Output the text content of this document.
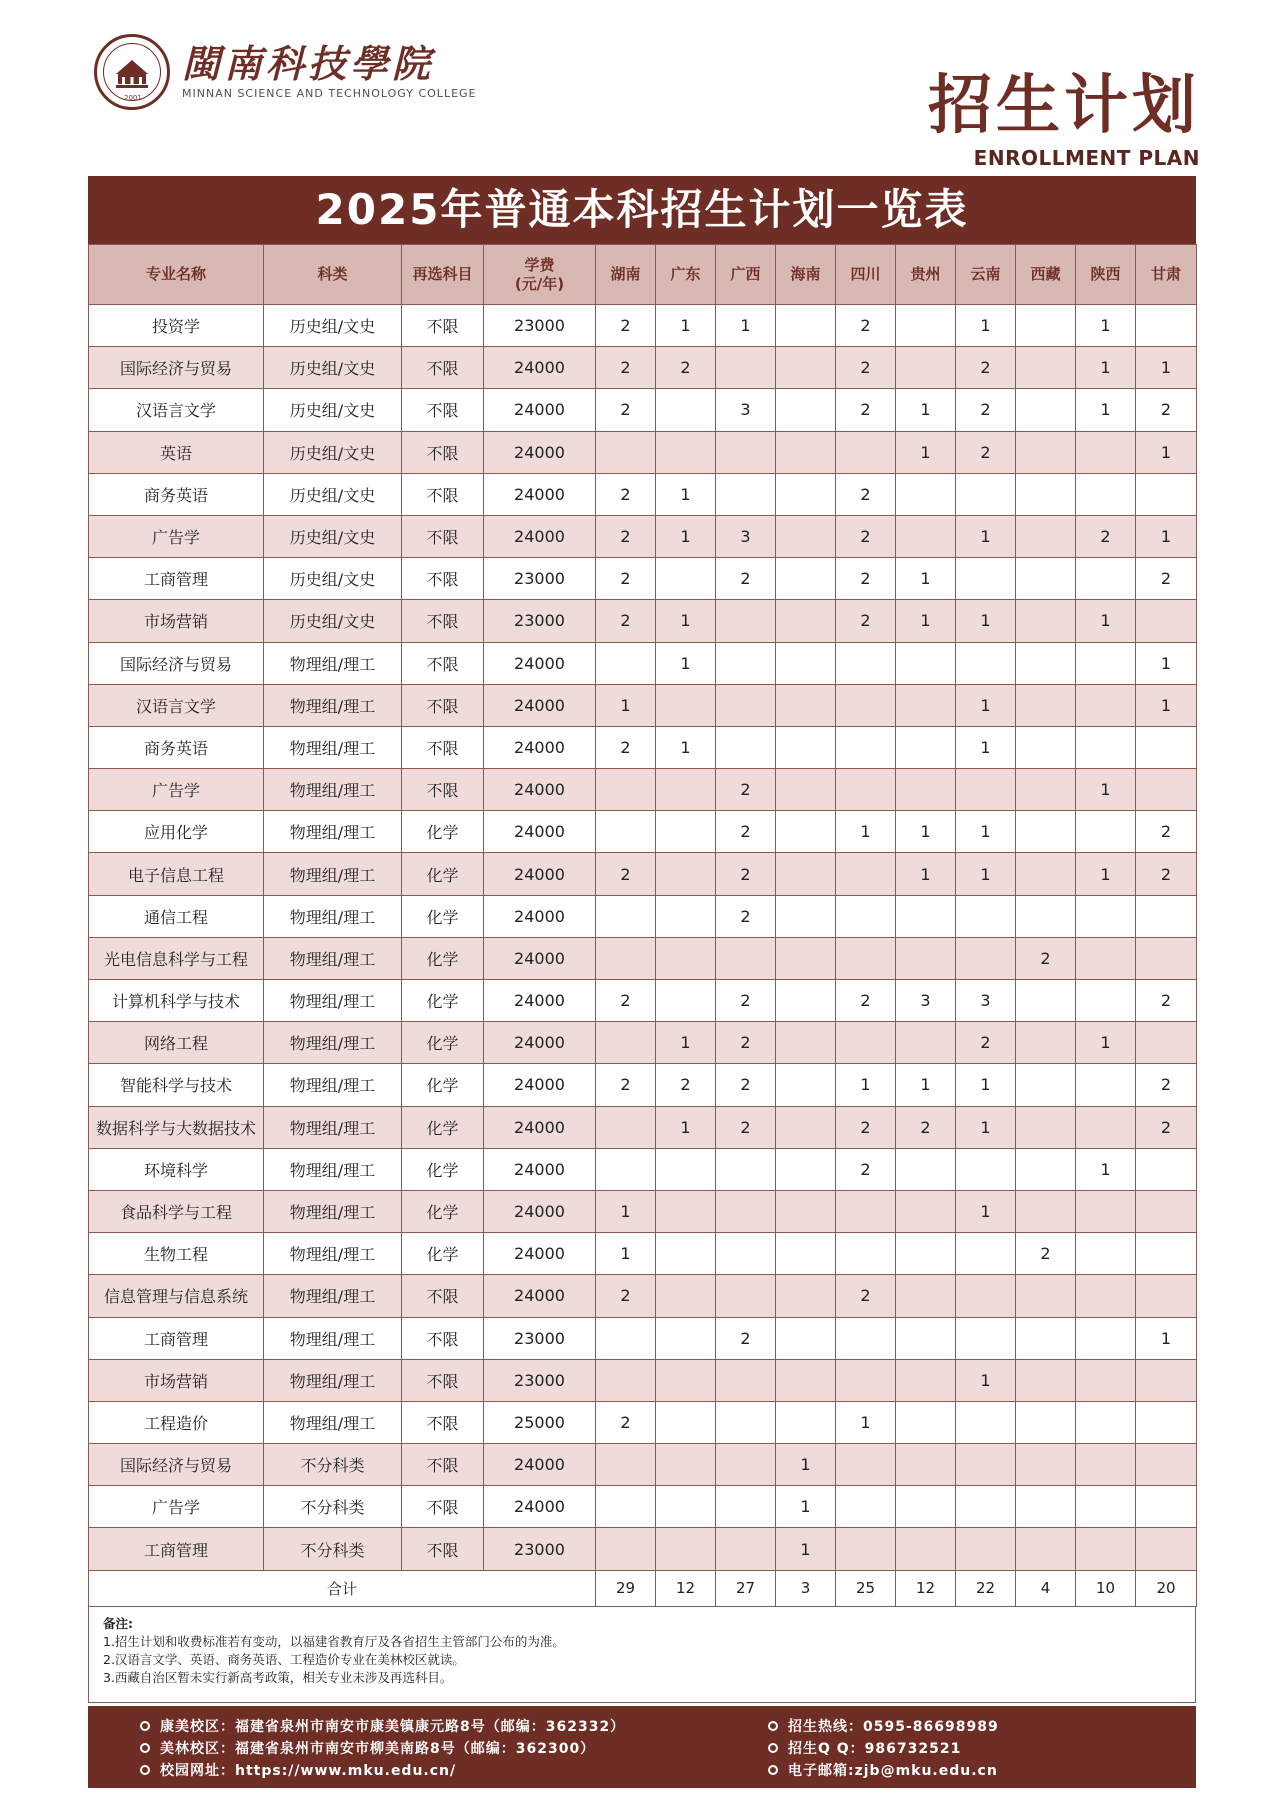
閩南科技學院
MINNAN SCIENCE AND TECHNOLOGY COLLEGE
2001	招生计划
ENROLLMENT PLAN
2025年普通本科招生计划一览表
专业名称	科类	再选科目	学费
(元/年)	湖南	广东	广西	海南	四川	贵州	云南	西藏	陕西	甘肃
投资学	历史组/文史	不限	23000	2	1	1		2		1		1	
国际经济与贸易	历史组/文史	不限	24000	2	2			2		2		1	1
汉语言文学	历史组/文史	不限	24000	2		3		2	1	2		1	2
英语	历史组/文史	不限	24000						1	2			1
商务英语	历史组/文史	不限	24000	2	1			2					
广告学	历史组/文史	不限	24000	2	1	3		2		1		2	1
工商管理	历史组/文史	不限	23000	2		2		2	1				2
市场营销	历史组/文史	不限	23000	2	1			2	1	1		1	
国际经济与贸易	物理组/理工	不限	24000		1								1
汉语言文学	物理组/理工	不限	24000	1						1			1
商务英语	物理组/理工	不限	24000	2	1					1			
广告学	物理组/理工	不限	24000			2						1	
应用化学	物理组/理工	化学	24000			2		1	1	1			2
电子信息工程	物理组/理工	化学	24000	2		2			1	1		1	2
通信工程	物理组/理工	化学	24000			2							
光电信息科学与工程	物理组/理工	化学	24000								2		
计算机科学与技术	物理组/理工	化学	24000	2		2		2	3	3			2
网络工程	物理组/理工	化学	24000		1	2				2		1	
智能科学与技术	物理组/理工	化学	24000	2	2	2		1	1	1			2
数据科学与大数据技术	物理组/理工	化学	24000		1	2		2	2	1			2
环境科学	物理组/理工	化学	24000					2				1	
食品科学与工程	物理组/理工	化学	24000	1						1			
生物工程	物理组/理工	化学	24000	1							2		
信息管理与信息系统	物理组/理工	不限	24000	2				2					
工商管理	物理组/理工	不限	23000			2							1
市场营销	物理组/理工	不限	23000							1			
工程造价	物理组/理工	不限	25000	2				1					
国际经济与贸易	不分科类	不限	24000				1						
广告学	不分科类	不限	24000				1						
工商管理	不分科类	不限	23000				1						
合计				29	12	27	3	25	12	22	4	10	20
备注:
1.招生计划和收费标准若有变动，以福建省教育厅及各省招生主管部门公布的为准。
2.汉语言文学、英语、商务英语、工程造价专业在美林校区就读。
3.西藏自治区暂未实行新高考政策，相关专业未涉及再选科目。
康美校区：福建省泉州市南安市康美镇康元路8号（邮编：362332）	招生热线：0595-86698989
美林校区：福建省泉州市南安市柳美南路8号（邮编：362300）	招生Q Q：986732521
校园网址：https://www.mku.edu.cn/	电子邮箱:zjb@mku.edu.cn
